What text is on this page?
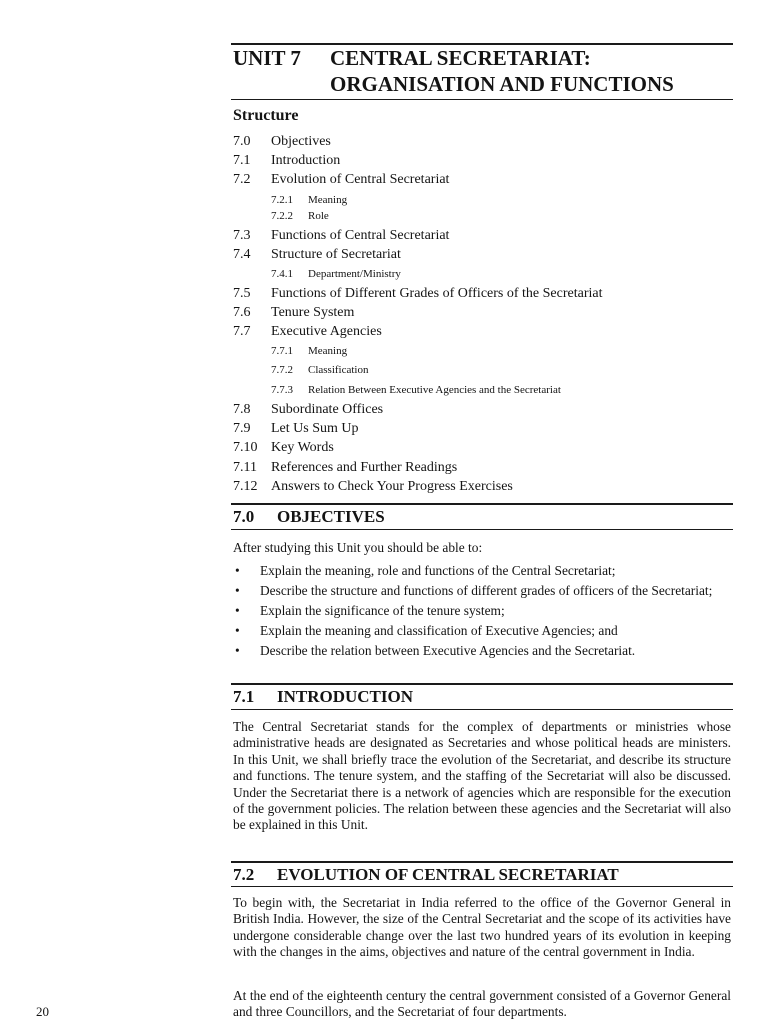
UNIT 7 CENTRAL SECRETARIAT:
ORGANISATION AND FUNCTIONS
Structure
7.0 Objectives
7.1 Introduction
7.2 Evolution of Central Secretariat
7.2.1 Meaning
7.2.2 Role
7.3 Functions of Central Secretariat
7.4 Structure of Secretariat
7.4.1 Department/Ministry
7.5 Functions of Different Grades of Officers of the Secretariat
7.6 Tenure System
7.7 Executive Agencies
7.7.1 Meaning
7.7.2 Classification
7.7.3 Relation Between Executive Agencies and the Secretariat
7.8 Subordinate Offices
7.9 Let Us Sum Up
7.10 Key Words
7.11 References and Further Readings
7.12 Answers to Check Your Progress Exercises
7.0 OBJECTIVES
After studying this Unit you should be able to:
• Explain the meaning, role and functions of the Central Secretariat;
• Describe the structure and functions of different grades of officers of the Secretariat;
• Explain the significance of the tenure system;
• Explain the meaning and classification of Executive Agencies; and
• Describe the relation between Executive Agencies and the Secretariat.
7.1 INTRODUCTION
The Central Secretariat stands for the complex of departments or ministries whose administrative heads are designated as Secretaries and whose political heads are ministers. In this Unit, we shall briefly trace the evolution of the Secretariat, and describe its structure and functions. The tenure system, and the staffing of the Secretariat will also be discussed. Under the Secretariat there is a network of agencies which are responsible for the execution of the government policies. The relation between these agencies and the Secretariat will also be explained in this Unit.
7.2 EVOLUTION OF CENTRAL SECRETARIAT
To begin with, the Secretariat in India referred to the office of the Governor General in British India. However, the size of the Central Secretariat and the scope of its activities have undergone considerable change over the last two hundred years of its evolution in keeping with the changes in the aims, objectives and nature of the central government in India.
At the end of the eighteenth century the central government consisted of a Governor General and three Councillors, and the Secretariat of four departments.
20
